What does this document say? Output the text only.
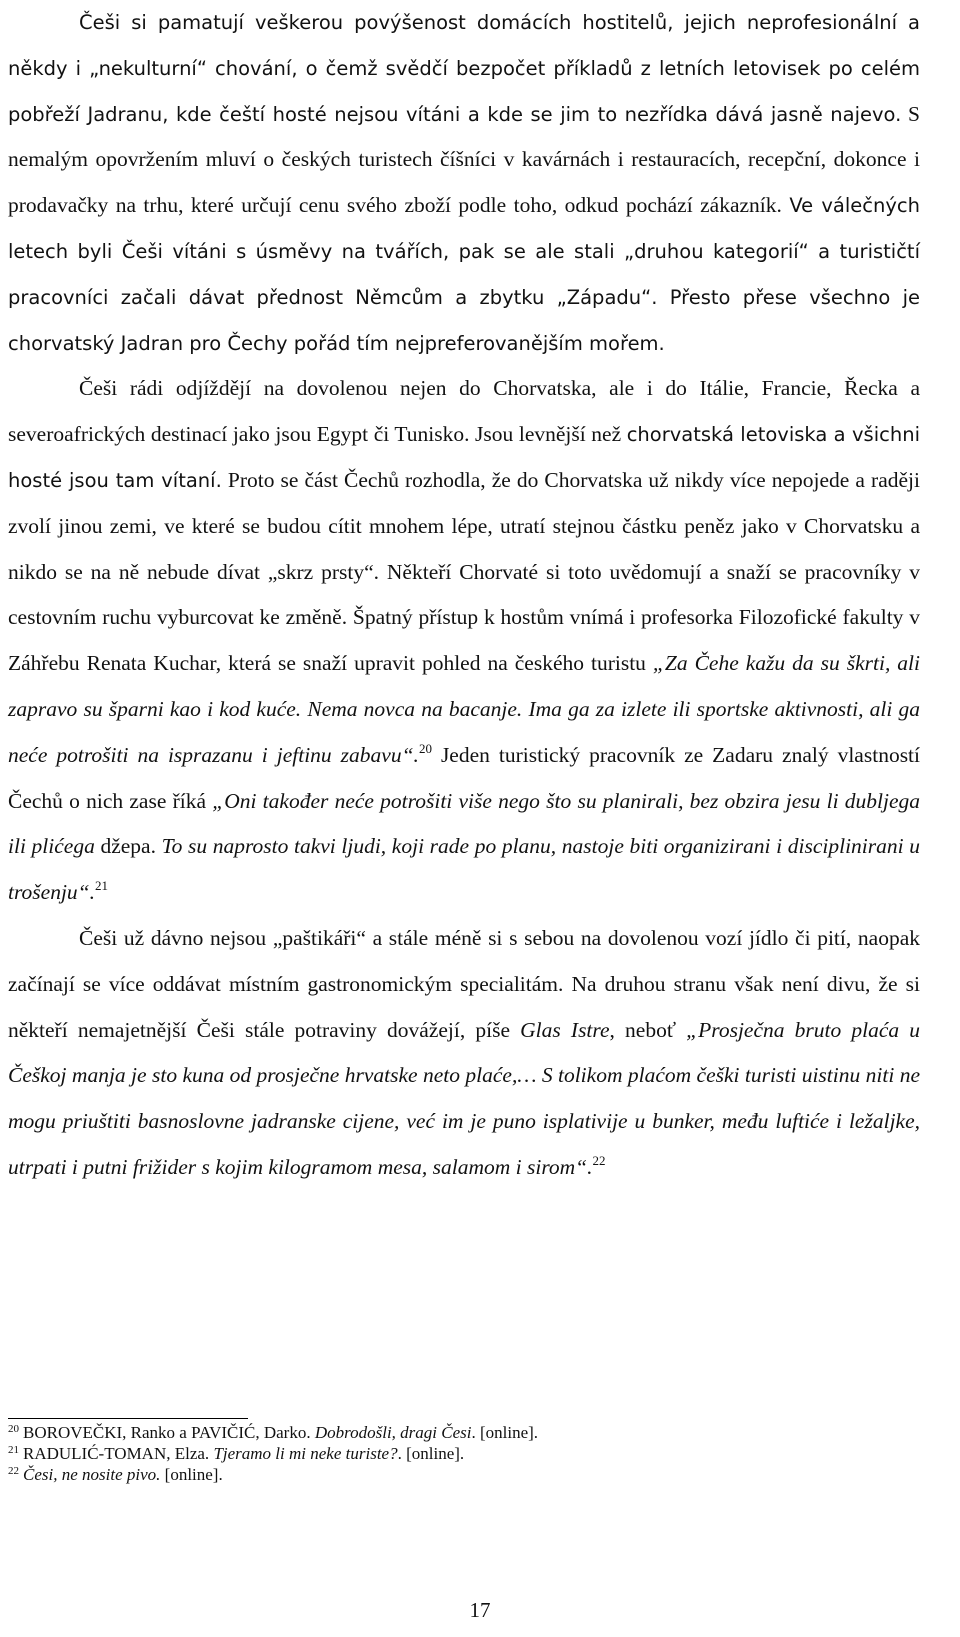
Češi si pamatují veškerou povýšenost domácích hostitelů, jejich neprofesionální a někdy i „nekulturní“ chování, o čemž svědčí bezpočet příkladů z letních letovisek po celém pobřeží Jadranu, kde čeští hosté nejsou vítáni a kde se jim to nezřídka dává jasně najevo. S nemalým opovržením mluví o českých turistech číšníci v kavárnách i restauracích, recepční, dokonce i prodavačky na trhu, které určují cenu svého zboží podle toho, odkud pochází zákazník. Ve válečných letech byli Češi vítáni s úsměvy na tvářích, pak se ale stali „druhou kategorií“ a turističtí pracovníci začali dávat přednost Němcům a zbytku „Západu“. Přesto přese všechno je chorvatský Jadran pro Čechy pořád tím nejpreferovanějším mořem.

Češi rádi odjíždějí na dovolenou nejen do Chorvatska, ale i do Itálie, Francie, Řecka a severoafrických destinací jako jsou Egypt či Tunisko. Jsou levnější než chorvatská letoviska a všichni hosté jsou tam vítaní. Proto se část Čechů rozhodla, že do Chorvatska už nikdy více nepojede a raději zvolí jinou zemi, ve které se budou cítit mnohem lépe, utratí stejnou částku peněz jako v Chorvatsku a nikdo se na ně nebude dívat „skrz prsty“. Někteří Chorvaté si toto uvědomují a snaží se pracovníky v cestovním ruchu vyburcovat ke změně. Špatný přístup k hostům vnímá i profesorka Filozofické fakulty v Záhřebu Renata Kuchar, která se snaží upravit pohled na českého turistu „Za Čehe kažu da su škrti, ali zapravo su šparni kao i kod kuće. Nema novca na bacanje. Ima ga za izlete ili sportske aktivnosti, ali ga neće potrošiti na isprazanu i jeftinu zabavu“.$^{20}$ Jeden turistický pracovník ze Zadaru znalý vlastností Čechů o nich zase říká „Oni također neće potrošiti više nego što su planirali, bez obzira jesu li dubljega ili plićega džepa. To su naprosto takvi ljudi, koji rade po planu, nastoje biti organizirani i disciplinirani u trošenju“.$^{21}$

Češi už dávno nejsou „paštikáři“ a stále méně si s sebou na dovolenou vozí jídlo či pití, naopak začínají se více oddávat místním gastronomickým specialitám. Na druhou stranu však není divu, že si někteří nemajetnější Češi stále potraviny dovážejí, píše Glas Istre, neboť „Prosječna bruto plaća u Češkoj manja je sto kuna od prosječne hrvatske neto plaće,… S tolikom plaćom češki turisti uistinu niti ne mogu priuštiti basnoslovne jadranske cijene, već im je puno isplativije u bunker, među luftiće i ležaljke, utrpati i putni frižider s kojim kilogramom mesa, salamom i sirom“.$^{22}$

$^{20}$ BOROVEČKI, Ranko a PAVIČIĆ, Darko. Dobrodošli, dragi Česi. [online].
$^{21}$ RADULIĆ-TOMAN, Elza. Tjeramo li mi neke turiste?. [online].
$^{22}$ Česi, ne nosite pivo. [online].
17
